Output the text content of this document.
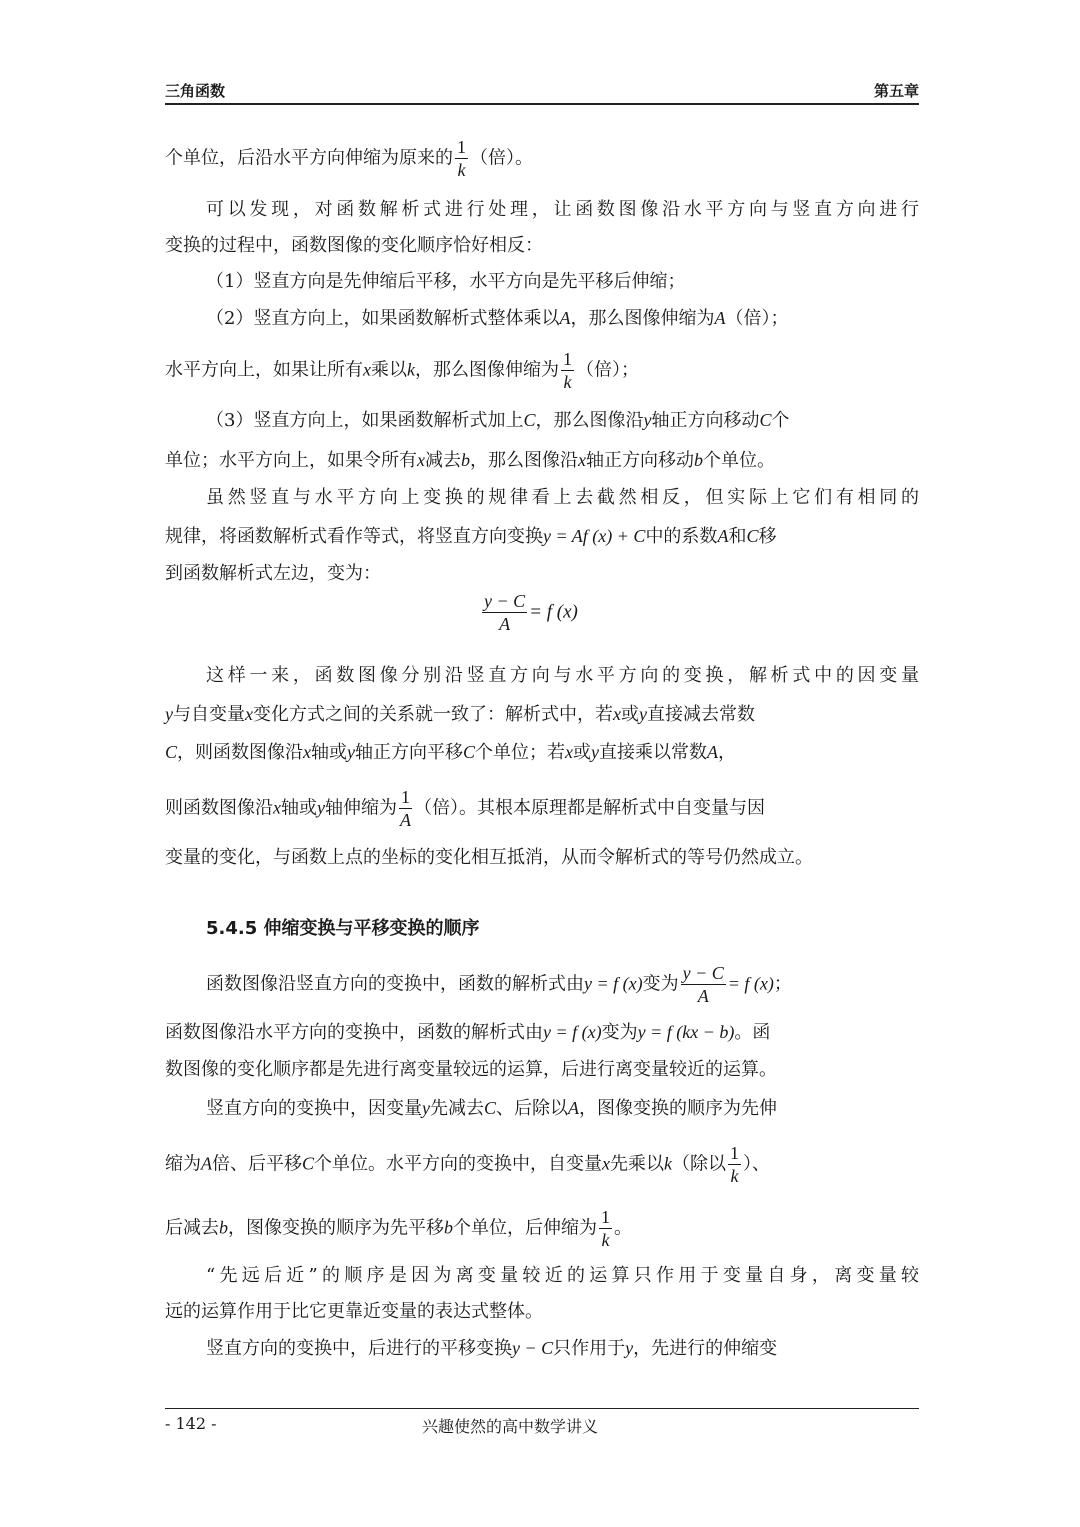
三角函数	第五章
个单位，后沿水平方向伸缩为原来的 $\frac{1}{k}$ （倍）。
可以发现，对函数解析式进行处理，让函数图像沿水平方向与竖直方向进行
变换的过程中，函数图像的变化顺序恰好相反：
（1）竖直方向是先伸缩后平移，水平方向是先平移后伸缩；
（2）竖直方向上，如果函数解析式整体乘以A，那么图像伸缩为A（倍）；
水平方向上，如果让所有x乘以k，那么图像伸缩为 $\frac{1}{k}$ （倍）；
（3）竖直方向上，如果函数解析式加上C，那么图像沿y轴正方向移动C个
单位；水平方向上，如果令所有x减去b，那么图像沿x轴正方向移动b个单位。
虽然竖直与水平方向上变换的规律看上去截然相反，但实际上它们有相同的
规律，将函数解析式看作等式，将竖直方向变换y = Af (x) + C中的系数A和C移
到函数解析式左边，变为：
$\frac{y - C}{A} = f$ (x)
这样一来，函数图像分别沿竖直方向与水平方向的变换，解析式中的因变量
y与自变量x变化方式之间的关系就一致了：解析式中，若x或y直接减去常数
C，则函数图像沿x轴或y轴正方向平移C个单位；若x或y直接乘以常数A，
则函数图像沿x轴或y轴伸缩为 $\frac{1}{A}$ （倍）。其根本原理都是解析式中自变量与因
变量的变化，与函数上点的坐标的变化相互抵消，从而令解析式的等号仍然成立。
5.4.5 伸缩变换与平移变换的顺序
函数图像沿竖直方向的变换中，函数的解析式由y = f (x)变为 $\frac{y - C}{A} = f$ (x)；
函数图像沿水平方向的变换中，函数的解析式由y = f (x)变为y = f (kx − b)。函
数图像的变化顺序都是先进行离变量较远的运算，后进行离变量较近的运算。
竖直方向的变换中，因变量y先减去C、后除以A，图像变换的顺序为先伸
缩为A倍、后平移C个单位。水平方向的变换中，自变量x先乘以k（除以 $\frac{1}{k}$ ）、
后减去b，图像变换的顺序为先平移b个单位，后伸缩为 $\frac{1}{k}$ 。
“先远后近”的顺序是因为离变量较近的运算只作用于变量自身，离变量较
远的运算作用于比它更靠近变量的表达式整体。
竖直方向的变换中，后进行的平移变换y − C只作用于y，先进行的伸缩变
- 142 -	兴趣使然的高中数学讲义
